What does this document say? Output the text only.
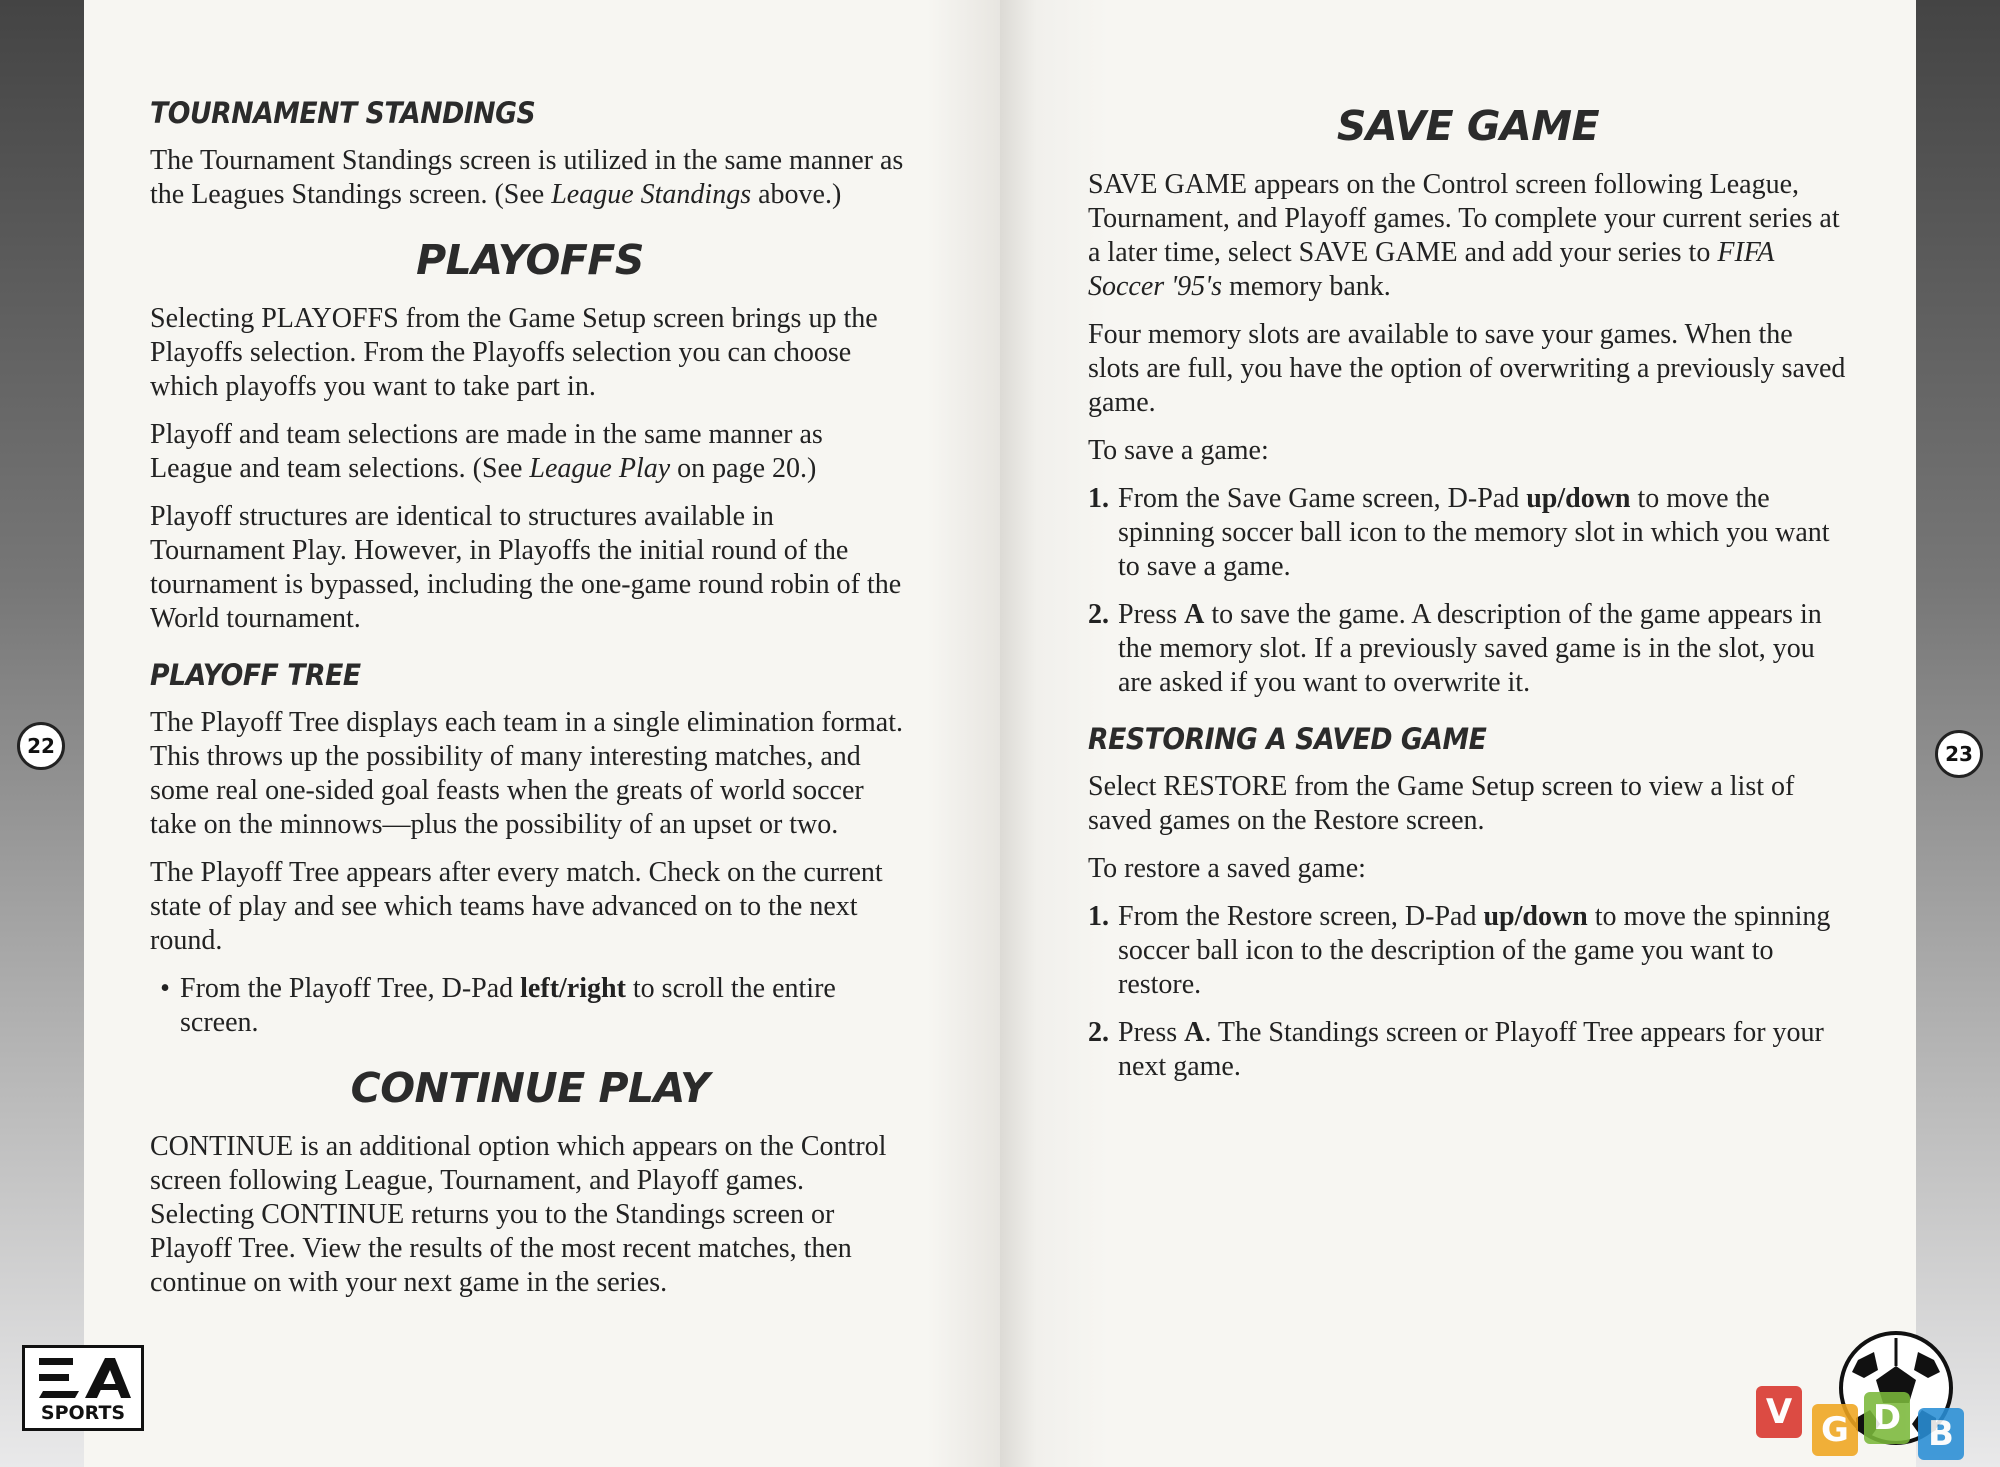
22	23
TOURNAMENT STANDINGS

The Tournament Standings screen is utilized in the same manner as the Leagues Standings screen. (See League Standings above.)

PLAYOFFS

Selecting PLAYOFFS from the Game Setup screen brings up the Playoffs selection. From the Playoffs selection you can choose which playoffs you want to take part in.

Playoff and team selections are made in the same manner as League and team selections. (See League Play on page 20.)

Playoff structures are identical to structures available in Tournament Play. However, in Playoffs the initial round of the tournament is bypassed, including the one-game round robin of the World tournament.

PLAYOFF TREE

The Playoff Tree displays each team in a single elimination format. This throws up the possibility of many interesting matches, and some real one-sided goal feasts when the greats of world soccer take on the minnows—plus the possibility of an upset or two.

The Playoff Tree appears after every match. Check on the current state of play and see which teams have advanced on to the next round.

• From the Playoff Tree, D-Pad left/right to scroll the entire screen.
CONTINUE PLAY

CONTINUE is an additional option which appears on the Control screen following League, Tournament, and Playoff games. Selecting CONTINUE returns you to the Standings screen or Playoff Tree. View the results of the most recent matches, then continue on with your next game in the series.

SAVE GAME

SAVE GAME appears on the Control screen following League, Tournament, and Playoff games. To complete your current series at a later time, select SAVE GAME and add your series to FIFA Soccer '95's memory bank.

Four memory slots are available to save your games. When the slots are full, you have the option of overwriting a previously saved game.

To save a game:

1. From the Save Game screen, D-Pad up/down to move the spinning soccer ball icon to the memory slot in which you want to save a game.
2. Press A to save the game. A description of the game appears in the memory slot. If a previously saved game is in the slot, you are asked if you want to overwrite it.
RESTORING A SAVED GAME

Select RESTORE from the Game Setup screen to view a list of saved games on the Restore screen.

To restore a saved game:

1. From the Restore screen, D-Pad up/down to move the spinning soccer ball icon to the description of the game you want to restore.
2. Press A. The Standings screen or Playoff Tree appears for your next game.
SPORTS	V G D B
